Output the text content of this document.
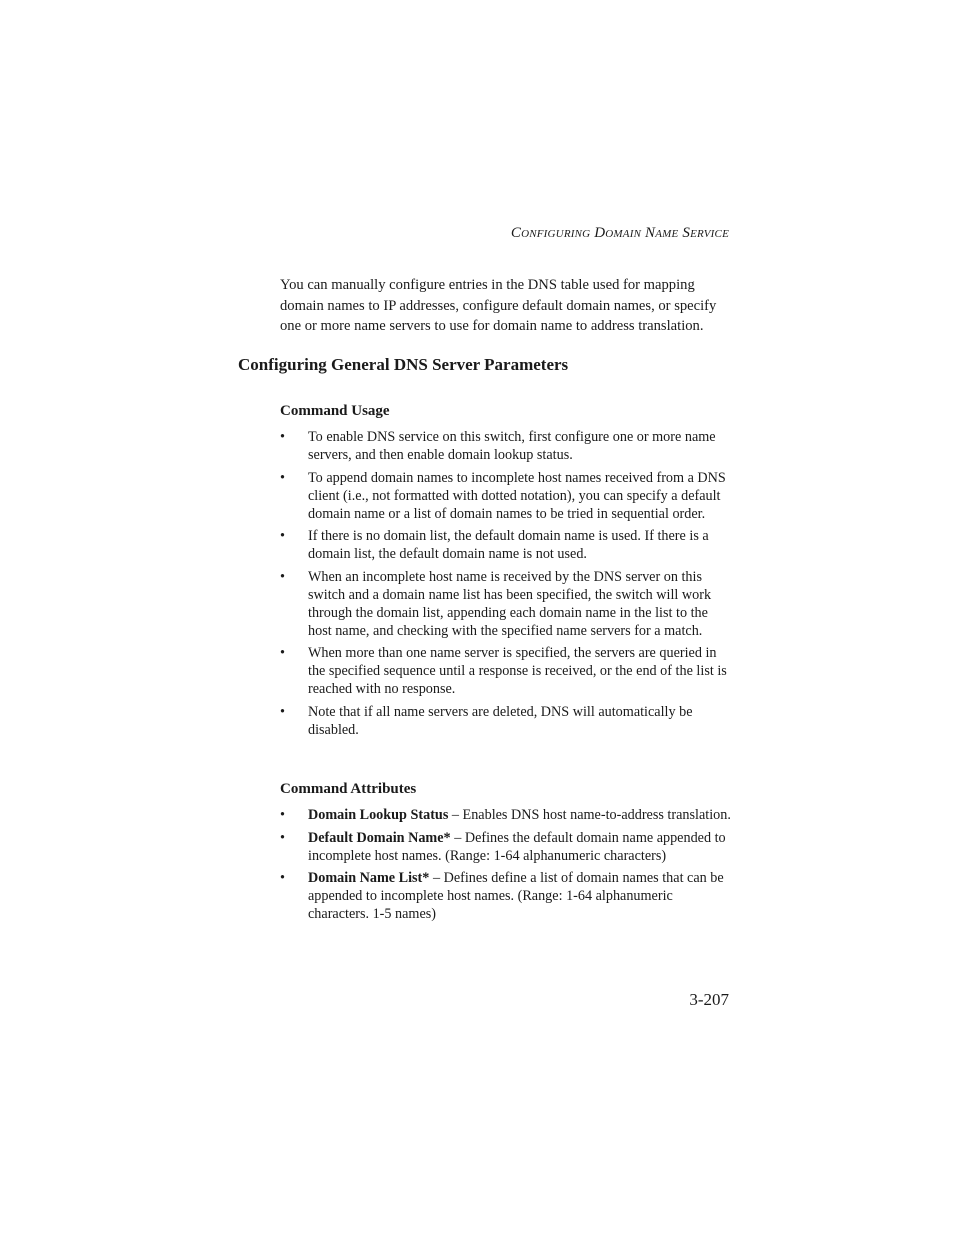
Configuring Domain Name Service

You can manually configure entries in the DNS table used for mapping domain names to IP addresses, configure default domain names, or specify one or more name servers to use for domain name to address translation.

Configuring General DNS Server Parameters
Command Usage
• To enable DNS service on this switch, first configure one or more name servers, and then enable domain lookup status.
• To append domain names to incomplete host names received from a DNS client (i.e., not formatted with dotted notation), you can specify a default domain name or a list of domain names to be tried in sequential order.
• If there is no domain list, the default domain name is used. If there is a domain list, the default domain name is not used.
• When an incomplete host name is received by the DNS server on this switch and a domain name list has been specified, the switch will work through the domain list, appending each domain name in the list to the host name, and checking with the specified name servers for a match.
• When more than one name server is specified, the servers are queried in the specified sequence until a response is received, or the end of the list is reached with no response.
• Note that if all name servers are deleted, DNS will automatically be disabled.
Command Attributes
• Domain Lookup Status – Enables DNS host name-to-address translation.
• Default Domain Name* – Defines the default domain name appended to incomplete host names. (Range: 1-64 alphanumeric characters)
• Domain Name List* – Defines define a list of domain names that can be appended to incomplete host names. (Range: 1-64 alphanumeric characters. 1-5 names)
3-207
